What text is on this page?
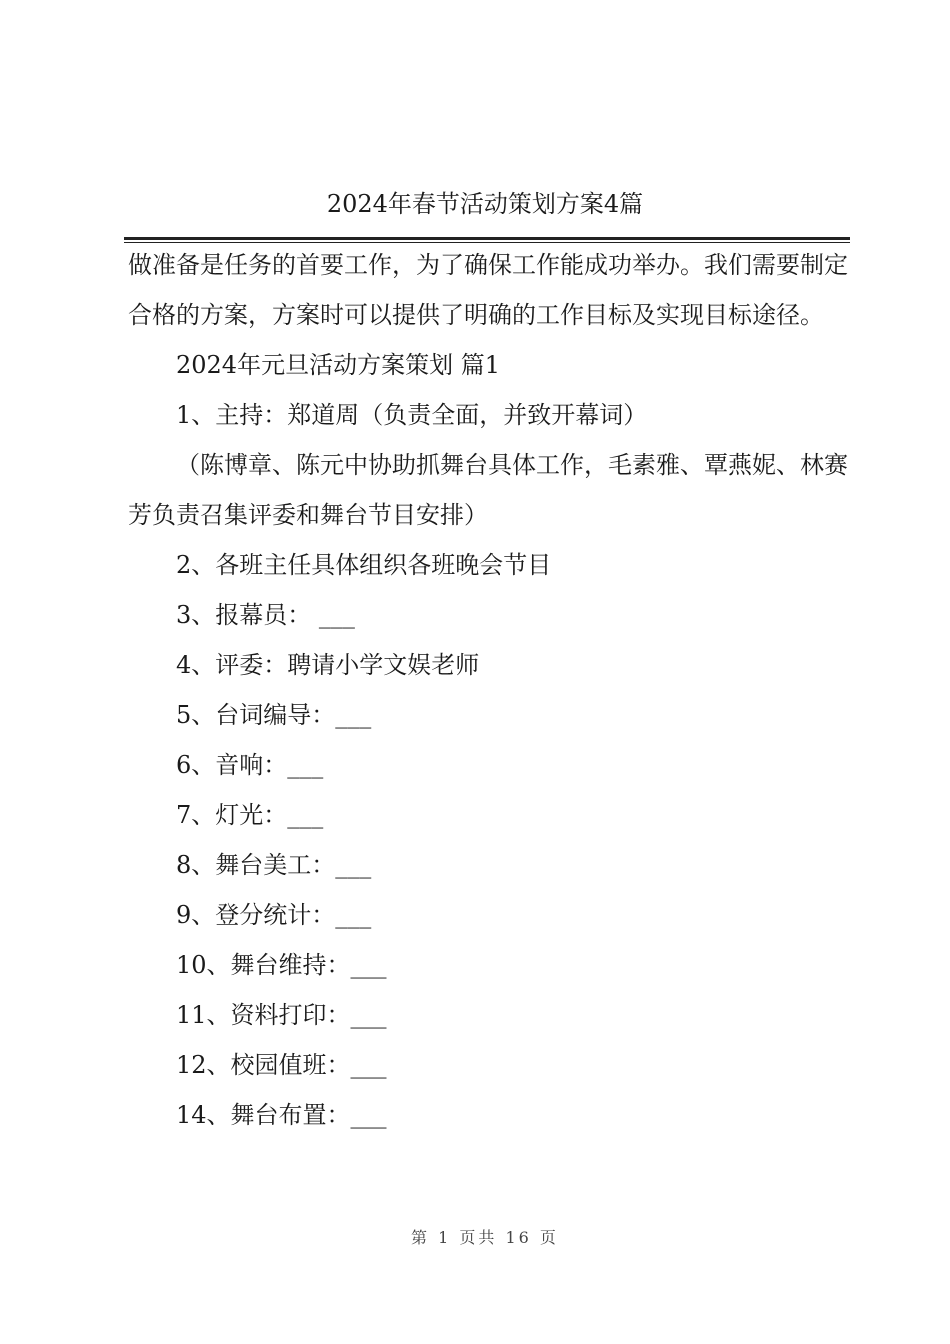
2024年春节活动策划方案4篇

做准备是任务的首要工作，为了确保工作能成功举办。我们需要制定合格的方案，方案时可以提供了明确的工作目标及实现目标途径。

2024年元旦活动方案策划 篇1

1、主持：郑道周（负责全面，并致开幕词）

（陈博章、陈元中协助抓舞台具体工作，毛素雅、覃燕妮、林赛芳负责召集评委和舞台节目安排）

2、各班主任具体组织各班晚会节目

3、报幕员： ___

4、评委：聘请小学文娱老师

5、台词编导：___

6、音响：___

7、灯光：___

8、舞台美工：___

9、登分统计：___

10、舞台维持：___

11、资料打印：___

12、校园值班：___

14、舞台布置：___

第 1 页共 16 页
